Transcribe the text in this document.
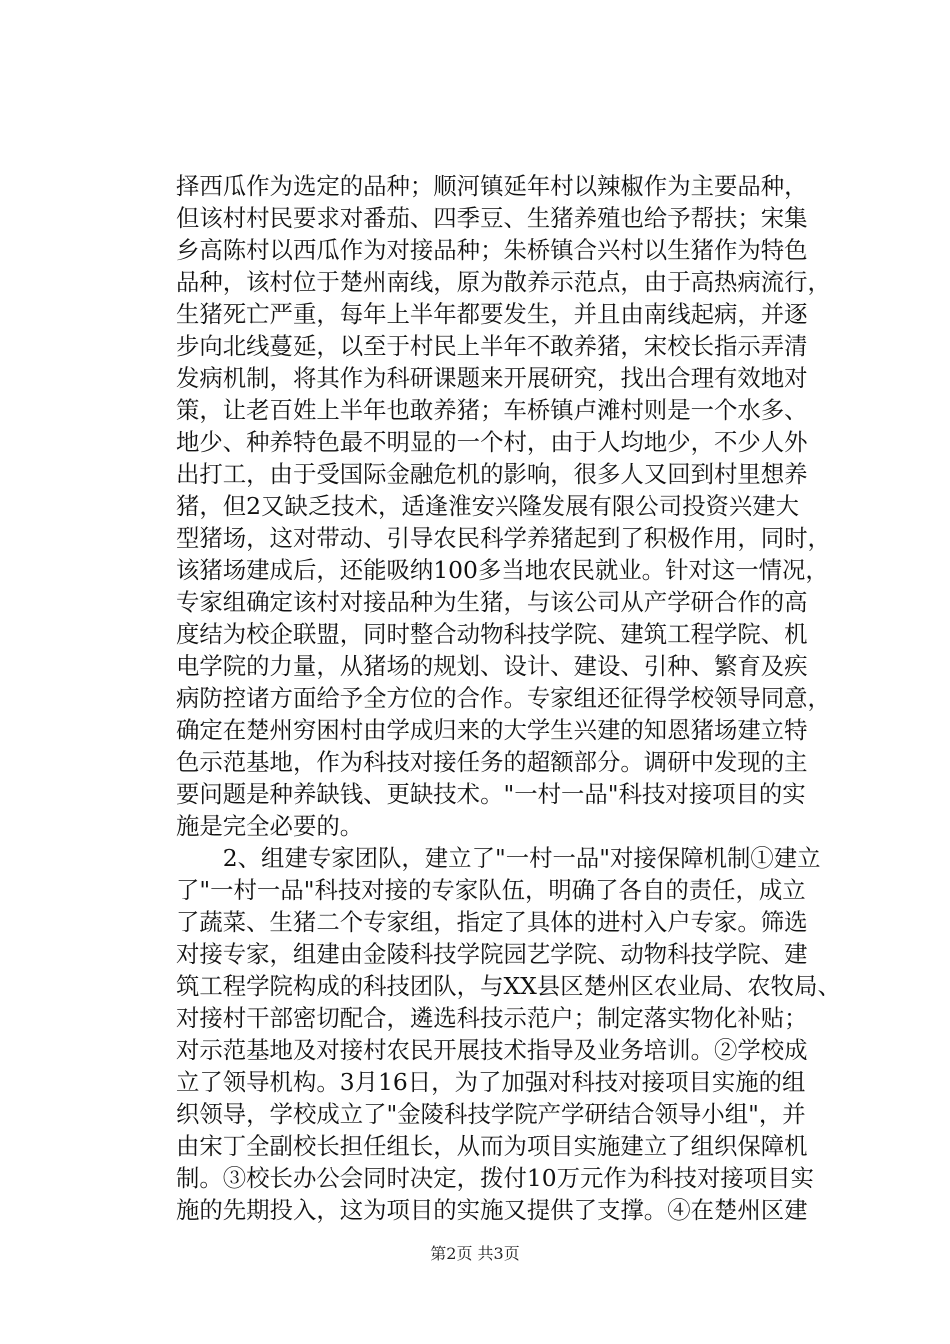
择西瓜作为选定的品种；顺河镇延年村以辣椒作为主要品种，
但该村村民要求对番茄、四季豆、生猪养殖也给予帮扶；宋集
乡高陈村以西瓜作为对接品种；朱桥镇合兴村以生猪作为特色
品种，该村位于楚州南线，原为散养示范点，由于高热病流行，
生猪死亡严重，每年上半年都要发生，并且由南线起病，并逐
步向北线蔓延，以至于村民上半年不敢养猪，宋校长指示弄清
发病机制，将其作为科研课题来开展研究，找出合理有效地对
策，让老百姓上半年也敢养猪；车桥镇卢滩村则是一个水多、
地少、种养特色最不明显的一个村，由于人均地少，不少人外
出打工，由于受国际金融危机的影响，很多人又回到村里想养
猪，但2又缺乏技术，适逢淮安兴隆发展有限公司投资兴建大
型猪场，这对带动、引导农民科学养猪起到了积极作用，同时，
该猪场建成后，还能吸纳100多当地农民就业。针对这一情况，
专家组确定该村对接品种为生猪，与该公司从产学研合作的高
度结为校企联盟，同时整合动物科技学院、建筑工程学院、机
电学院的力量，从猪场的规划、设计、建设、引种、繁育及疾
病防控诸方面给予全方位的合作。专家组还征得学校领导同意，
确定在楚州穷困村由学成归来的大学生兴建的知恩猪场建立特
色示范基地，作为科技对接任务的超额部分。调研中发现的主
要问题是种养缺钱、更缺技术。"一村一品"科技对接项目的实
施是完全必要的。
　　2、组建专家团队，建立了"一村一品"对接保障机制①建立
了"一村一品"科技对接的专家队伍，明确了各自的责任，成立
了蔬菜、生猪二个专家组，指定了具体的进村入户专家。筛选
对接专家，组建由金陵科技学院园艺学院、动物科技学院、建
筑工程学院构成的科技团队，与XX县区楚州区农业局、农牧局、
对接村干部密切配合，遴选科技示范户；制定落实物化补贴；
对示范基地及对接村农民开展技术指导及业务培训。②学校成
立了领导机构。3月16日，为了加强对科技对接项目实施的组
织领导，学校成立了"金陵科技学院产学研结合领导小组"，并
由宋丁全副校长担任组长，从而为项目实施建立了组织保障机
制。③校长办公会同时决定，拨付10万元作为科技对接项目实
施的先期投入，这为项目的实施又提供了支撑。④在楚州区建
第2页 共3页
